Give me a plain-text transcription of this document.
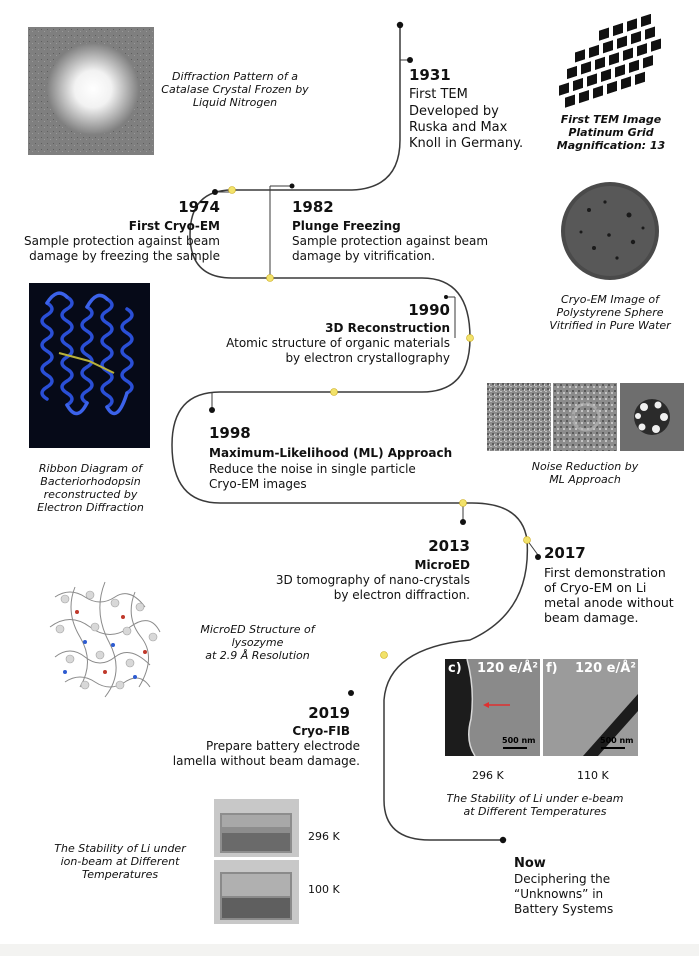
c) 120 e/Å²
500 nm
f) 120 e/Å²
500 nm
1931
First TEM
Developed by
Ruska and Max
Knoll in Germany.
1974
First Cryo-EM
Sample protection against beam
damage by freezing the sample
1982
Plunge Freezing
Sample protection against beam
damage by vitrification.
1990
3D Reconstruction
Atomic structure of organic materials
by electron crystallography
1998
Maximum-Likelihood (ML) Approach
Reduce the noise in single particle
Cryo-EM images
2013
MicroED
3D tomography of nano-crystals
by electron diffraction.
2017
First demonstration
of Cryo-EM on Li
metal anode without
beam damage.
2019
Cryo-FIB
Prepare battery electrode
lamella without beam damage.
Now
Deciphering the
“Unknowns” in
Battery Systems
Diffraction Pattern of a
Catalase Crystal Frozen by
Liquid Nitrogen
First TEM Image
Platinum Grid
Magnification: 13
Cryo-EM Image of
Polystyrene Sphere
Vitrified in Pure Water
Ribbon Diagram of
Bacteriorhodopsin
reconstructed by
Electron Diffraction
Noise Reduction by
ML Approach
MicroED Structure of
lysozyme
at 2.9 Å Resolution
The Stability of Li under e-beam
at Different Temperatures
The Stability of Li under
ion-beam at Different
Temperatures
296 K	110 K
296 K
100 K
